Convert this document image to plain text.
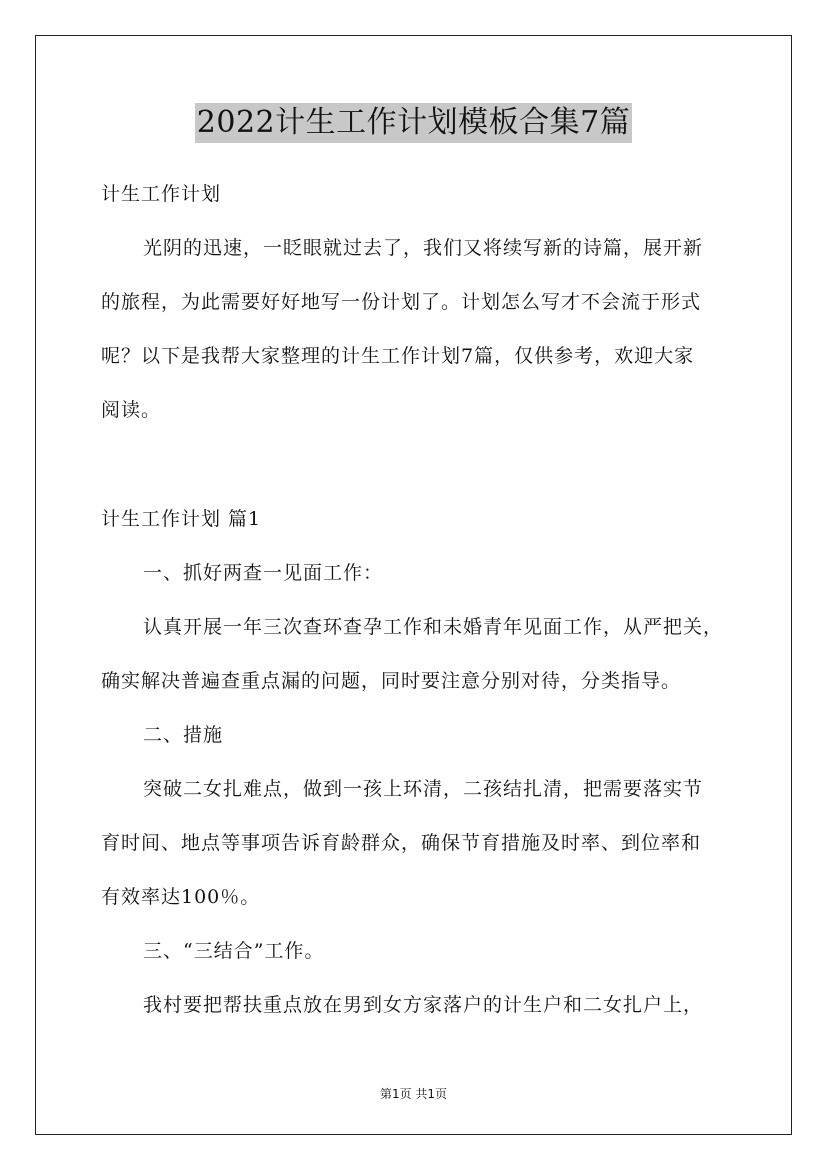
2022计生工作计划模板合集7篇
计生工作计划
光阴的迅速，一眨眼就过去了，我们又将续写新的诗篇，展开新
的旅程，为此需要好好地写一份计划了。计划怎么写才不会流于形式
呢？以下是我帮大家整理的计生工作计划7篇，仅供参考，欢迎大家
阅读。
计生工作计划 篇1
一、抓好两查一见面工作：
认真开展一年三次查环查孕工作和未婚青年见面工作，从严把关，
确实解决普遍查重点漏的问题，同时要注意分别对待，分类指导。
二、措施
突破二女扎难点，做到一孩上环清，二孩结扎清，把需要落实节
育时间、地点等事项告诉育龄群众，确保节育措施及时率、到位率和
有效率达100％。
三、“三结合”工作。
我村要把帮扶重点放在男到女方家落户的计生户和二女扎户上，
第1页 共1页
